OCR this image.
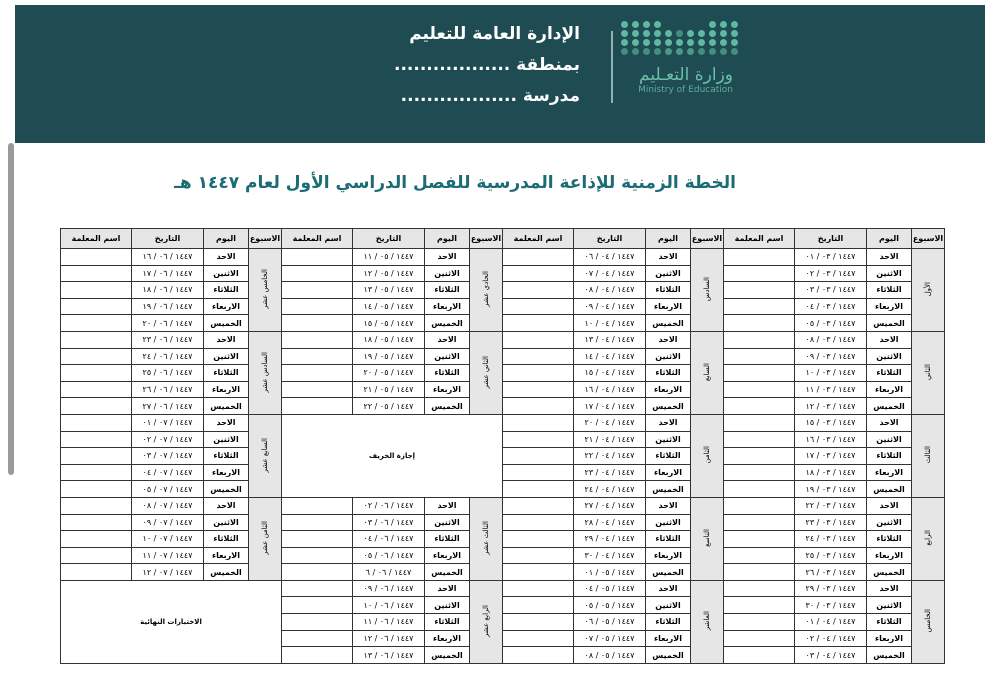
الإدارة العامة للتعليم
بمنطقة ..................
مدرسة ..................
وزارة التعـليم
Ministry of Education
الخطة الزمنية للإذاعة المدرسية للفصل الدراسي الأول لعام ١٤٤٧ هـ
الاسبوع	اليوم	التاريخ	اسم المعلمة	الاسبوع	اليوم	التاريخ	اسم المعلمة	الاسبوع	اليوم	التاريخ	اسم المعلمة	الاسبوع	اليوم	التاريخ	اسم المعلمة
الأول	الاحد	١٤٤٧ / ٠٣ / ٠١		السادس	الاحد	١٤٤٧ / ٠٤ / ٠٦		الحادي عشر	الاحد	١٤٤٧ / ٠٥ / ١١		الخامس عشر	الاحد	١٤٤٧ / ٠٦ / ١٦	
	الاثنين	١٤٤٧ / ٠٣ / ٠٢			الاثنين	١٤٤٧ / ٠٤ / ٠٧			الاثنين	١٤٤٧ / ٠٥ / ١٢			الاثنين	١٤٤٧ / ٠٦ / ١٧	
	الثلاثاء	١٤٤٧ / ٠٣ / ٠٣			الثلاثاء	١٤٤٧ / ٠٤ / ٠٨			الثلاثاء	١٤٤٧ / ٠٥ / ١٣			الثلاثاء	١٤٤٧ / ٠٦ / ١٨	
	الاربعاء	١٤٤٧ / ٠٣ / ٠٤			الاربعاء	١٤٤٧ / ٠٤ / ٠٩			الاربعاء	١٤٤٧ / ٠٥ / ١٤			الاربعاء	١٤٤٧ / ٠٦ / ١٩	
	الخميس	١٤٤٧ / ٠٣ / ٠٥			الخميس	١٤٤٧ / ٠٤ / ١٠			الخميس	١٤٤٧ / ٠٥ / ١٥			الخميس	١٤٤٧ / ٠٦ / ٢٠	
الثاني	الاحد	١٤٤٧ / ٠٣ / ٠٨		السابع	الاحد	١٤٤٧ / ٠٤ / ١٣		الثاني عشر	الاحد	١٤٤٧ / ٠٥ / ١٨		السادس عشر	الاحد	١٤٤٧ / ٠٦ / ٢٣	
	الاثنين	١٤٤٧ / ٠٣ / ٠٩			الاثنين	١٤٤٧ / ٠٤ / ١٤			الاثنين	١٤٤٧ / ٠٥ / ١٩			الاثنين	١٤٤٧ / ٠٦ / ٢٤	
	الثلاثاء	١٤٤٧ / ٠٣ / ١٠			الثلاثاء	١٤٤٧ / ٠٤ / ١٥			الثلاثاء	١٤٤٧ / ٠٥ / ٢٠			الثلاثاء	١٤٤٧ / ٠٦ / ٢٥	
	الاربعاء	١٤٤٧ / ٠٣ / ١١			الاربعاء	١٤٤٧ / ٠٤ / ١٦			الاربعاء	١٤٤٧ / ٠٥ / ٢١			الاربعاء	١٤٤٧ / ٠٦ / ٢٦	
	الخميس	١٤٤٧ / ٠٣ / ١٢			الخميس	١٤٤٧ / ٠٤ / ١٧			الخميس	١٤٤٧ / ٠٥ / ٢٢			الخميس	١٤٤٧ / ٠٦ / ٢٧	
الثالث	الاحد	١٤٤٧ / ٠٣ / ١٥		الثامن	الاحد	١٤٤٧ / ٠٤ / ٢٠		إجازة الخريف				السابع عشر	الاحد	١٤٤٧ / ٠٧ / ٠١	
	الاثنين	١٤٤٧ / ٠٣ / ١٦			الاثنين	١٤٤٧ / ٠٤ / ٢١							الاثنين	١٤٤٧ / ٠٧ / ٠٢	
	الثلاثاء	١٤٤٧ / ٠٣ / ١٧			الثلاثاء	١٤٤٧ / ٠٤ / ٢٢							الثلاثاء	١٤٤٧ / ٠٧ / ٠٣	
	الاربعاء	١٤٤٧ / ٠٣ / ١٨			الاربعاء	١٤٤٧ / ٠٤ / ٢٣							الاربعاء	١٤٤٧ / ٠٧ / ٠٤	
	الخميس	١٤٤٧ / ٠٣ / ١٩			الخميس	١٤٤٧ / ٠٤ / ٢٤							الخميس	١٤٤٧ / ٠٧ / ٠٥	
الرابع	الاحد	١٤٤٧ / ٠٣ / ٢٢		التاسع	الاحد	١٤٤٧ / ٠٤ / ٢٧		الثالث عشر	الاحد	١٤٤٧ / ٠٦ / ٠٢		الثامن عشر	الاحد	١٤٤٧ / ٠٧ / ٠٨	
	الاثنين	١٤٤٧ / ٠٣ / ٢٣			الاثنين	١٤٤٧ / ٠٤ / ٢٨			الاثنين	١٤٤٧ / ٠٦ / ٠٣			الاثنين	١٤٤٧ / ٠٧ / ٠٩	
	الثلاثاء	١٤٤٧ / ٠٣ / ٢٤			الثلاثاء	١٤٤٧ / ٠٤ / ٢٩			الثلاثاء	١٤٤٧ / ٠٦ / ٠٤			الثلاثاء	١٤٤٧ / ٠٧ / ١٠	
	الاربعاء	١٤٤٧ / ٠٣ / ٢٥			الاربعاء	١٤٤٧ / ٠٤ / ٣٠			الاربعاء	١٤٤٧ / ٠٦ / ٠٥			الاربعاء	١٤٤٧ / ٠٧ / ١١	
	الخميس	١٤٤٧ / ٠٣ / ٢٦			الخميس	١٤٤٧ / ٠٥ / ٠١			الخميس	١٤٤٧ / ٠٦ / ٦			الخميس	١٤٤٧ / ٠٧ / ١٢	
الخامس	الاحد	١٤٤٧ / ٠٣ / ٢٩		العاشر	الاحد	١٤٤٧ / ٠٥ / ٠٤		الرابع عشر	الاحد	١٤٤٧ / ٠٦ / ٠٩		الاختبارات النهائية			
	الاثنين	١٤٤٧ / ٠٣ / ٣٠			الاثنين	١٤٤٧ / ٠٥ / ٠٥			الاثنين	١٤٤٧ / ٠٦ / ١٠					
	الثلاثاء	١٤٤٧ / ٠٤ / ٠١			الثلاثاء	١٤٤٧ / ٠٥ / ٠٦			الثلاثاء	١٤٤٧ / ٠٦ / ١١					
	الاربعاء	١٤٤٧ / ٠٤ / ٠٢			الاربعاء	١٤٤٧ / ٠٥ / ٠٧			الاربعاء	١٤٤٧ / ٠٦ / ١٢					
	الخميس	١٤٤٧ / ٠٤ / ٠٣			الخميس	١٤٤٧ / ٠٥ / ٠٨			الخميس	١٤٤٧ / ٠٦ / ١٣					
